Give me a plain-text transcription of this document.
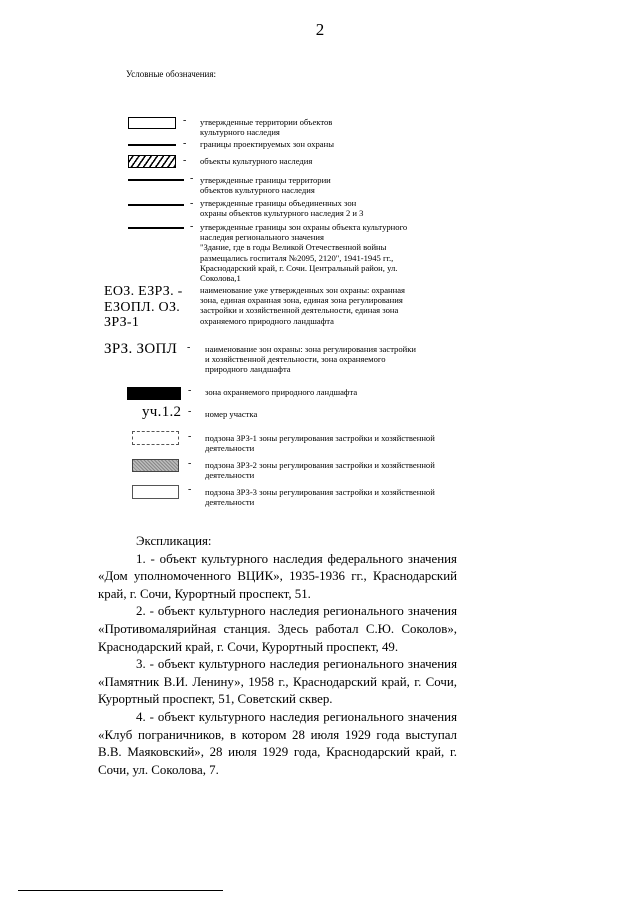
2
Условные обозначения:
- утвержденные территории объектов
культурного наследия
- границы проектируемых зон охраны
- объекты культурного наследия
- утвержденные границы территории
объектов культурного наследия
- утвержденные границы объединенных зон
охраны объектов культурного наследия 2 и 3
- утвержденные границы зон охраны объекта культурного
наследия регионального значения
"Здание, где в годы Великой Отечественной войны
размещались госпиталя №2095, 2120", 1941-1945 гг.,
Краснодарский край, г. Сочи. Центральный район, ул.
Соколова,1
ЕОЗ. ЕЗРЗ. -
ЕЗОПЛ. ОЗ.
ЗРЗ-1
наименование уже утвержденных зон охраны: охранная
зона, единая охранная зона, единая зона регулирования
застройки и хозяйственной деятельности, единая зона
охраняемого природного ландшафта
ЗРЗ. ЗОПЛ - наименование зон охраны: зона регулирования застройки
и хозяйственной деятельности, зона охраняемого
природного ландшафта
- зона охраняемого природного ландшафта
уч.1.2 - номер участка
- подзона ЗРЗ-1 зоны регулирования застройки и хозяйственной
деятельности
- подзона ЗРЗ-2 зоны регулирования застройки и хозяйственной
деятельности
- подзона ЗРЗ-3 зоны регулирования застройки и хозяйственной
деятельности
Экспликация:

1. - объект культурного наследия федерального значения «Дом уполномоченного ВЦИК», 1935-1936 гг., Краснодарский край, г. Сочи, Курортный проспект, 51.

2. - объект культурного наследия регионального значения «Противомалярийная станция. Здесь работал С.Ю. Соколов», Краснодарский край, г. Сочи, Курортный проспект, 49.

3. - объект культурного наследия регионального значения «Памятник В.И. Ленину», 1958 г., Краснодарский край, г. Сочи, Курортный проспект, 51, Советский сквер.

4. - объект культурного наследия регионального значения «Клуб пограничников, в котором 28 июля 1929 года выступал В.В. Маяковский», 28 июля 1929 года, Краснодарский край, г. Сочи, ул. Соколова, 7.
